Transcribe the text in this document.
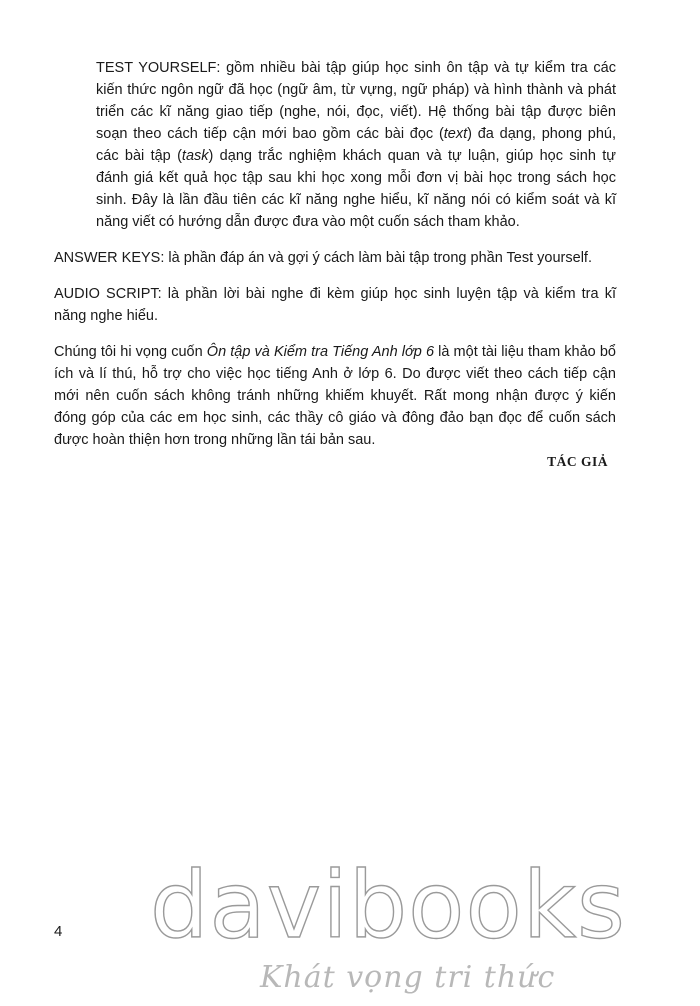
TEST YOURSELF: gồm nhiều bài tập giúp học sinh ôn tập và tự kiểm tra các kiến thức ngôn ngữ đã học (ngữ âm, từ vựng, ngữ pháp) và hình thành và phát triển các kĩ năng giao tiếp (nghe, nói, đọc, viết). Hệ thống bài tập được biên soạn theo cách tiếp cận mới bao gồm các bài đọc (text) đa dạng, phong phú, các bài tập (task) dạng trắc nghiệm khách quan và tự luận, giúp học sinh tự đánh giá kết quả học tập sau khi học xong mỗi đơn vị bài học trong sách học sinh. Đây là lần đầu tiên các kĩ năng nghe hiểu, kĩ năng nói có kiểm soát và kĩ năng viết có hướng dẫn được đưa vào một cuốn sách tham khảo.

ANSWER KEYS: là phần đáp án và gợi ý cách làm bài tập trong phần Test yourself.

AUDIO SCRIPT: là phần lời bài nghe đi kèm giúp học sinh luyện tập và kiểm tra kĩ năng nghe hiểu.

Chúng tôi hi vọng cuốn Ôn tập và Kiểm tra Tiếng Anh lớp 6 là một tài liệu tham khảo bổ ích và lí thú, hỗ trợ cho việc học tiếng Anh ở lớp 6. Do được viết theo cách tiếp cận mới nên cuốn sách không tránh những khiếm khuyết. Rất mong nhận được ý kiến đóng góp của các em học sinh, các thầy cô giáo và đông đảo bạn đọc để cuốn sách được hoàn thiện hơn trong những lần tái bản sau.

TÁC GIẢ
4 davibooks
Khát vọng tri thức
